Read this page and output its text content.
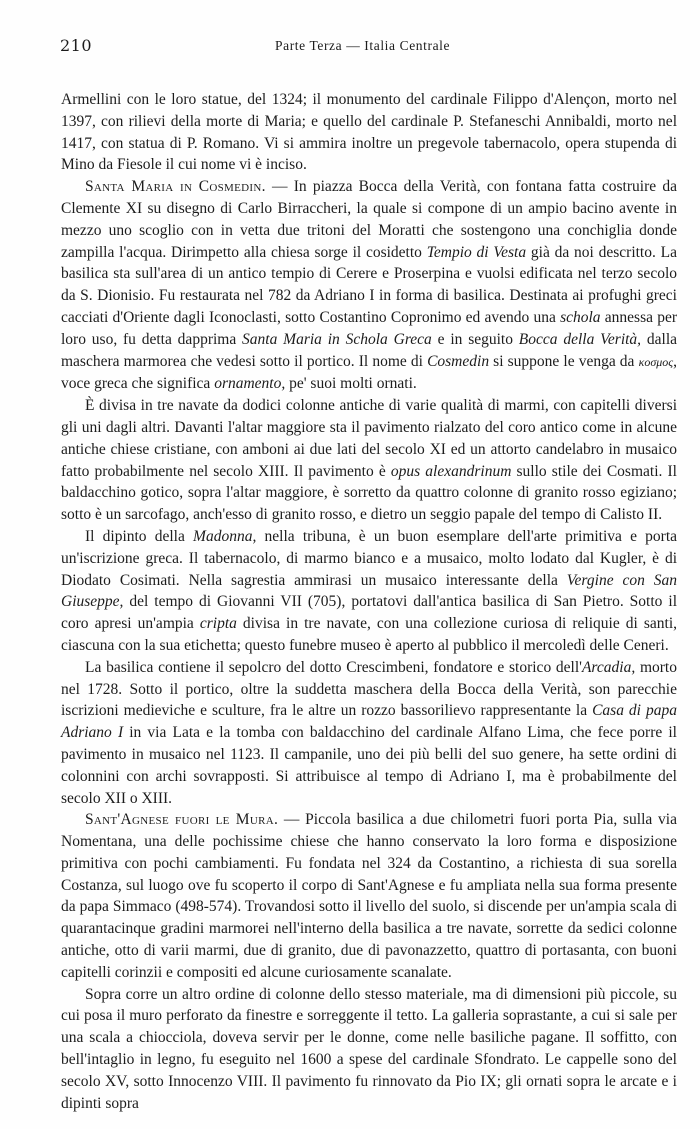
210	Parte Terza — Italia Centrale

Armellini con le loro statue, del 1324; il monumento del cardinale Filippo d'Alençon, morto nel 1397, con rilievi della morte di Maria; e quello del cardinale P. Stefaneschi Annibaldi, morto nel 1417, con statua di P. Romano. Vi si ammira inoltre un pregevole tabernacolo, opera stupenda di Mino da Fiesole il cui nome vi è inciso.

Santa Maria in Cosmedin. — In piazza Bocca della Verità, con fontana fatta costruire da Clemente XI su disegno di Carlo Birraccheri, la quale si compone di un ampio bacino avente in mezzo uno scoglio con in vetta due tritoni del Moratti che sostengono una conchiglia donde zampilla l'acqua. Dirimpetto alla chiesa sorge il cosidetto Tempio di Vesta già da noi descritto. La basilica sta sull'area di un antico tempio di Cerere e Proserpina e vuolsi edificata nel terzo secolo da S. Dionisio. Fu restaurata nel 782 da Adriano I in forma di basilica. Destinata ai profughi greci cacciati d'Oriente dagli Iconoclasti, sotto Costantino Copronimo ed avendo una schola annessa per loro uso, fu detta dapprima Santa Maria in Schola Greca e in seguito Bocca della Verità, dalla maschera marmorea che vedesi sotto il portico. Il nome di Cosmedin si suppone le venga da κοσμος, voce greca che significa ornamento, pe' suoi molti ornati.

È divisa in tre navate da dodici colonne antiche di varie qualità di marmi, con capitelli diversi gli uni dagli altri. Davanti l'altar maggiore sta il pavimento rialzato del coro antico come in alcune antiche chiese cristiane, con amboni ai due lati del secolo XI ed un attorto candelabro in musaico fatto probabilmente nel secolo XIII. Il pavimento è opus alexandrinum sullo stile dei Cosmati. Il baldacchino gotico, sopra l'altar maggiore, è sorretto da quattro colonne di granito rosso egiziano; sotto è un sarcofago, anch'esso di granito rosso, e dietro un seggio papale del tempo di Calisto II.

Il dipinto della Madonna, nella tribuna, è un buon esemplare dell'arte primitiva e porta un'iscrizione greca. Il tabernacolo, di marmo bianco e a musaico, molto lodato dal Kugler, è di Diodato Cosimati. Nella sagrestia ammirasi un musaico interessante della Vergine con San Giuseppe, del tempo di Giovanni VII (705), portatovi dall'antica basilica di San Pietro. Sotto il coro apresi un'ampia cripta divisa in tre navate, con una collezione curiosa di reliquie di santi, ciascuna con la sua etichetta; questo funebre museo è aperto al pubblico il mercoledì delle Ceneri.

La basilica contiene il sepolcro del dotto Crescimbeni, fondatore e storico dell'Arcadia, morto nel 1728. Sotto il portico, oltre la suddetta maschera della Bocca della Verità, son parecchie iscrizioni medieviche e sculture, fra le altre un rozzo bassorilievo rappresentante la Casa di papa Adriano I in via Lata e la tomba con baldacchino del cardinale Alfano Lima, che fece porre il pavimento in musaico nel 1123. Il campanile, uno dei più belli del suo genere, ha sette ordini di colonnini con archi sovrapposti. Si attribuisce al tempo di Adriano I, ma è probabilmente del secolo XII o XIII.

Sant'Agnese fuori le Mura. — Piccola basilica a due chilometri fuori porta Pia, sulla via Nomentana, una delle pochissime chiese che hanno conservato la loro forma e disposizione primitiva con pochi cambiamenti. Fu fondata nel 324 da Costantino, a richiesta di sua sorella Costanza, sul luogo ove fu scoperto il corpo di Sant'Agnese e fu ampliata nella sua forma presente da papa Simmaco (498-574). Trovandosi sotto il livello del suolo, si discende per un'ampia scala di quarantacinque gradini marmorei nell'interno della basilica a tre navate, sorrette da sedici colonne antiche, otto di varii marmi, due di granito, due di pavonazzetto, quattro di portasanta, con buoni capitelli corinzii e compositi ed alcune curiosamente scanalate.

Sopra corre un altro ordine di colonne dello stesso materiale, ma di dimensioni più piccole, su cui posa il muro perforato da finestre e sorreggente il tetto. La galleria soprastante, a cui si sale per una scala a chiocciola, doveva servir per le donne, come nelle basiliche pagane. Il soffitto, con bell'intaglio in legno, fu eseguito nel 1600 a spese del cardinale Sfondrato. Le cappelle sono del secolo XV, sotto Innocenzo VIII. Il pavimento fu rinnovato da Pio IX; gli ornati sopra le arcate e i dipinti sopra
